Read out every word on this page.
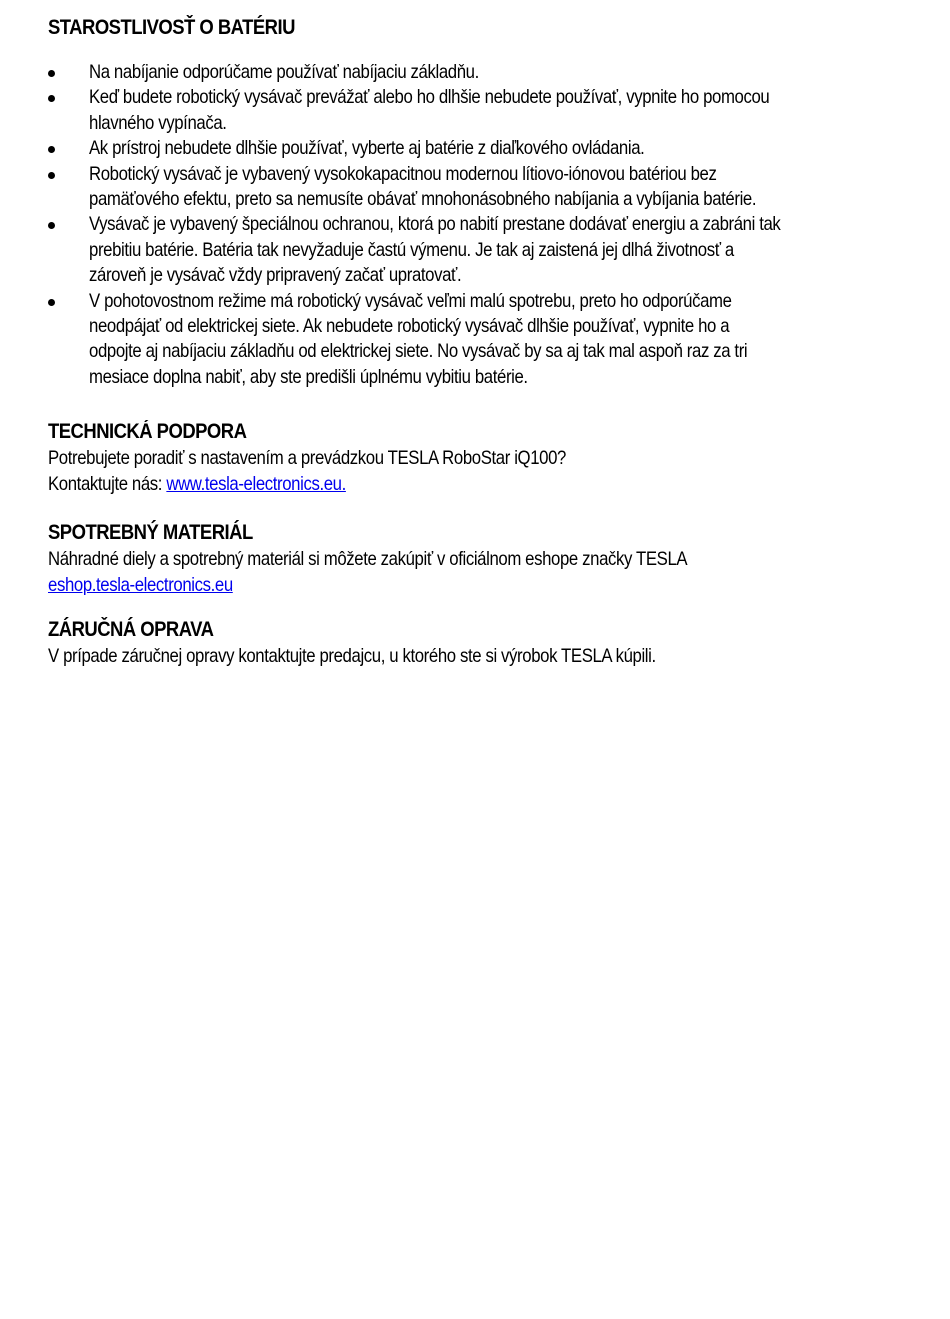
STAROSTLIVOSŤ O BATÉRIU
Na nabíjanie odporúčame používať nabíjaciu základňu.
Keď budete robotický vysávač prevážať alebo ho dlhšie nebudete používať, vypnite ho pomocou
hlavného vypínača.
Ak prístroj nebudete dlhšie používať, vyberte aj batérie z diaľkového ovládania.
Robotický vysávač je vybavený vysokokapacitnou modernou lítiovo-iónovou batériou bez
pamäťového efektu, preto sa nemusíte obávať mnohonásobného nabíjania a vybíjania batérie.
Vysávač je vybavený špeciálnou ochranou, ktorá po nabití prestane dodávať energiu a zabráni tak
prebitiu batérie. Batéria tak nevyžaduje častú výmenu. Je tak aj zaistená jej dlhá životnosť a
zároveň je vysávač vždy pripravený začať upratovať.
V pohotovostnom režime má robotický vysávač veľmi malú spotrebu, preto ho odporúčame
neodpájať od elektrickej siete. Ak nebudete robotický vysávač dlhšie používať, vypnite ho a
odpojte aj nabíjaciu základňu od elektrickej siete. No vysávač by sa aj tak mal aspoň raz za tri
mesiace doplna nabiť, aby ste predišli úplnému vybitiu batérie.
TECHNICKÁ PODPORA

Potrebujete poradiť s nastavením a prevádzkou TESLA RoboStar iQ100?
Kontaktujte nás: www.tesla-electronics.eu.

SPOTREBNÝ MATERIÁL

Náhradné diely a spotrebný materiál si môžete zakúpiť v oficiálnom eshope značky TESLA
eshop.tesla-electronics.eu

ZÁRUČNÁ OPRAVA

V prípade záručnej opravy kontaktujte predajcu, u ktorého ste si výrobok TESLA kúpili.
